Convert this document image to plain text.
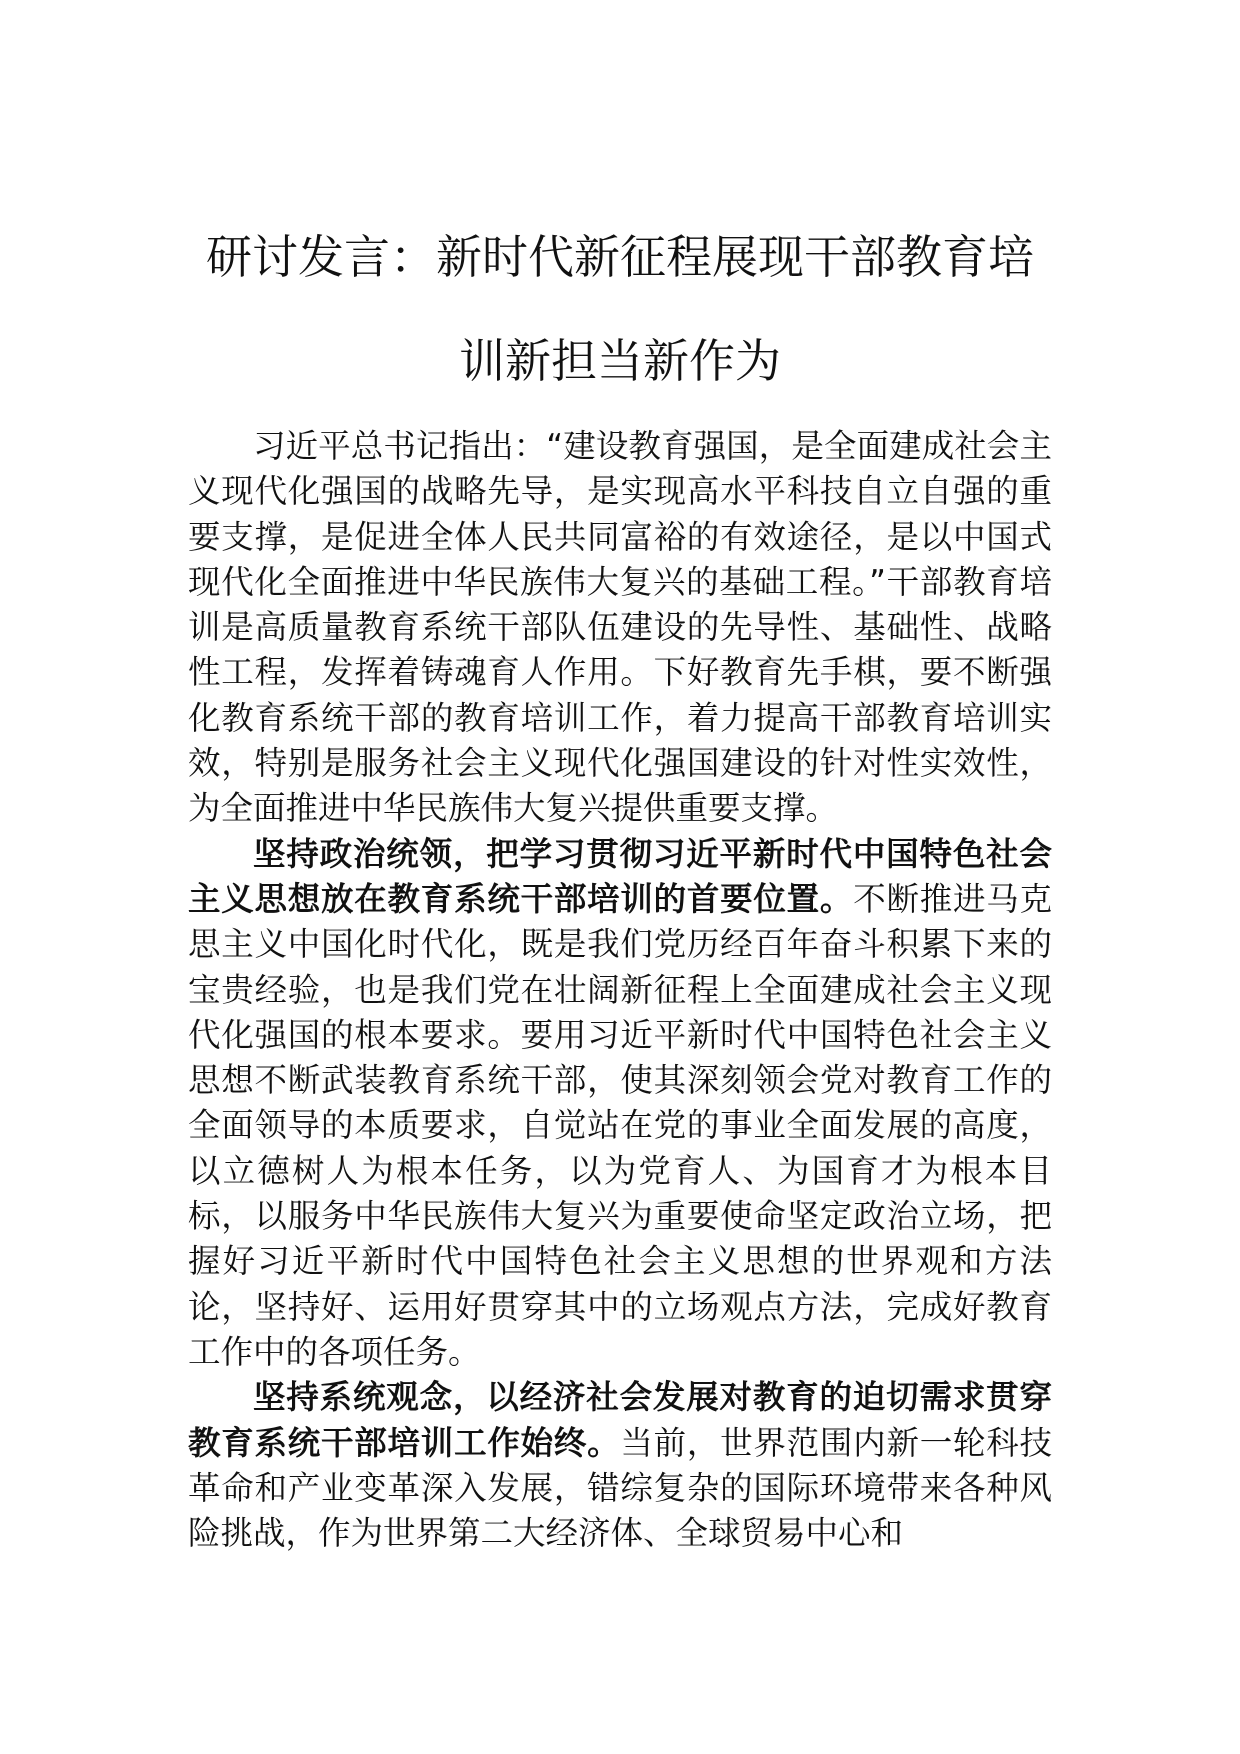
研讨发言：新时代新征程展现干部教育培
训新担当新作为

习近平总书记指出：“建设教育强国，是全面建成社会主义现代化强国的战略先导，是实现高水平科技自立自强的重要支撑，是促进全体人民共同富裕的有效途径，是以中国式现代化全面推进中华民族伟大复兴的基础工程。”干部教育培训是高质量教育系统干部队伍建设的先导性、基础性、战略性工程，发挥着铸魂育人作用。下好教育先手棋，要不断强化教育系统干部的教育培训工作，着力提高干部教育培训实效，特别是服务社会主义现代化强国建设的针对性实效性，为全面推进中华民族伟大复兴提供重要支撑。

坚持政治统领，把学习贯彻习近平新时代中国特色社会主义思想放在教育系统干部培训的首要位置。不断推进马克思主义中国化时代化，既是我们党历经百年奋斗积累下来的宝贵经验，也是我们党在壮阔新征程上全面建成社会主义现代化强国的根本要求。要用习近平新时代中国特色社会主义思想不断武装教育系统干部，使其深刻领会党对教育工作的全面领导的本质要求，自觉站在党的事业全面发展的高度，以立德树人为根本任务，以为党育人、为国育才为根本目标，以服务中华民族伟大复兴为重要使命坚定政治立场，把握好习近平新时代中国特色社会主义思想的世界观和方法论，坚持好、运用好贯穿其中的立场观点方法，完成好教育工作中的各项任务。

坚持系统观念，以经济社会发展对教育的迫切需求贯穿教育系统干部培训工作始终。当前，世界范围内新一轮科技革命和产业变革深入发展，错综复杂的国际环境带来各种风险挑战，作为世界第二大经济体、全球贸易中心和
